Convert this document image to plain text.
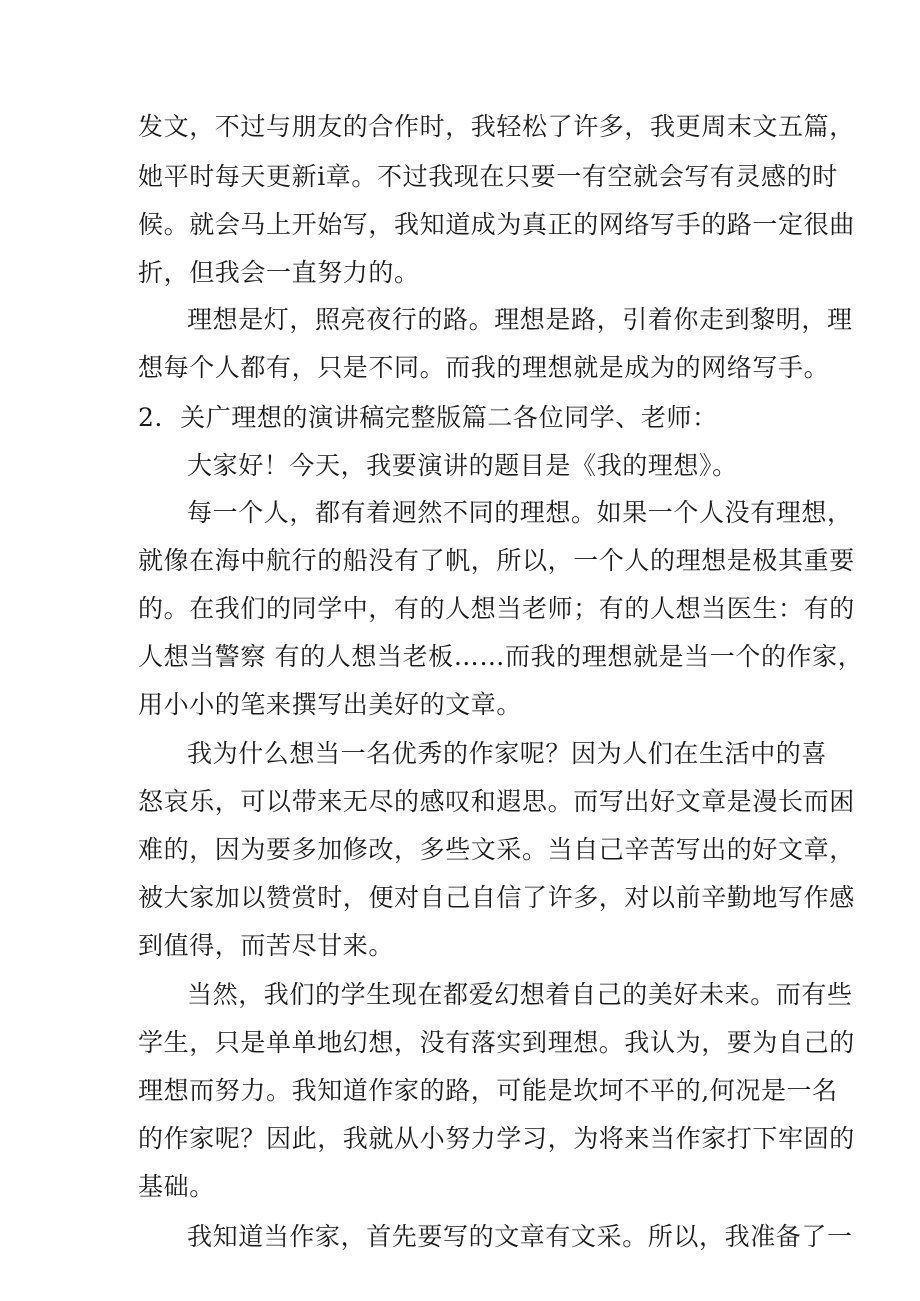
发文，不过与朋友的合作时，我轻松了许多，我更周末文五篇，
她平时每天更新i章。不过我现在只要一有空就会写有灵感的时
候。就会马上开始写，我知道成为真正的网络写手的路一定很曲
折，但我会一直努力的。
理想是灯，照亮夜行的路。理想是路，引着你走到黎明，理
想每个人都有，只是不同。而我的理想就是成为的网络写手。
2．关广理想的演讲稿完整版篇二各位同学、老师：
大家好！今天，我要演讲的题目是《我的理想》。
每一个人，都有着迥然不同的理想。如果一个人没有理想，
就像在海中航行的船没有了帆，所以，一个人的理想是极其重要
的。在我们的同学中，有的人想当老师；有的人想当医生：有的
人想当警察 有的人想当老板……而我的理想就是当一个的作家，
用小小的笔来撰写出美好的文章。
我为什么想当一名优秀的作家呢？因为人们在生活中的喜
怒哀乐，可以带来无尽的感叹和遐思。而写出好文章是漫长而困
难的，因为要多加修改，多些文采。当自己辛苦写出的好文章，
被大家加以赞赏时，便对自己自信了许多，对以前辛勤地写作感
到值得，而苦尽甘来。
当然，我们的学生现在都爱幻想着自己的美好未来。而有些
学生，只是单单地幻想，没有落实到理想。我认为，要为自己的
理想而努力。我知道作家的路，可能是坎坷不平的,何况是一名
的作家呢？因此，我就从小努力学习，为将来当作家打下牢固的
基础。
我知道当作家，首先要写的文章有文采。所以，我准备了一
